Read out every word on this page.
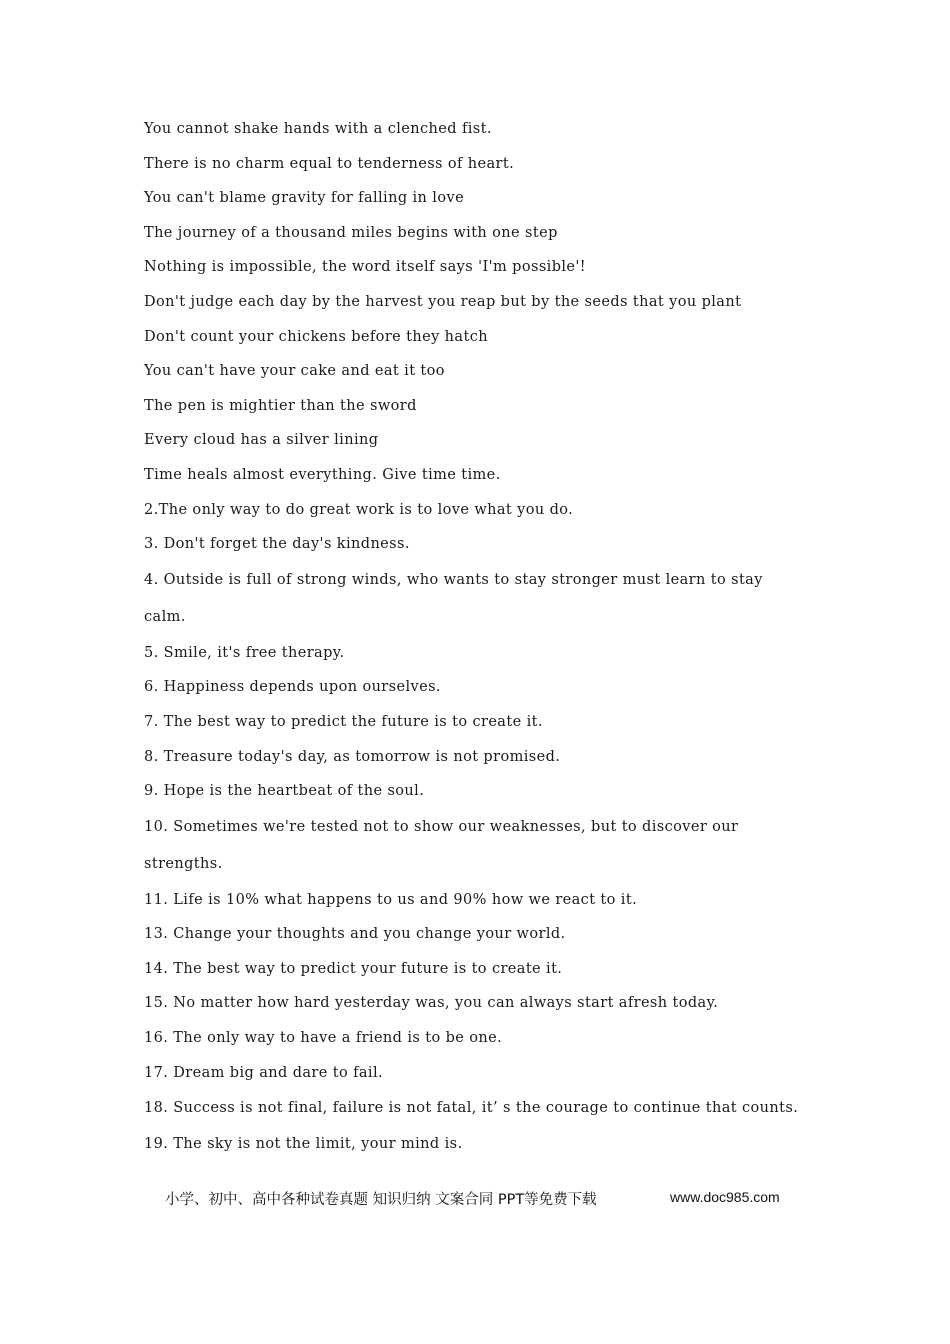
You cannot shake hands with a clenched fist.

There is no charm equal to tenderness of heart.

You can't blame gravity for falling in love

The journey of a thousand miles begins with one step

Nothing is impossible, the word itself says 'I'm possible'!

Don't judge each day by the harvest you reap but by the seeds that you plant

Don't count your chickens before they hatch

You can't have your cake and eat it too

The pen is mightier than the sword

Every cloud has a silver lining

Time heals almost everything. Give time time.

2.The only way to do great work is to love what you do.

3. Don't forget the day's kindness.

4. Outside is full of strong winds, who wants to stay stronger must learn to stay calm.

5. Smile, it's free therapy.

6. Happiness depends upon ourselves.

7. The best way to predict the future is to create it.

8. Treasure today's day, as tomorrow is not promised.

9. Hope is the heartbeat of the soul.

10. Sometimes we're tested not to show our weaknesses, but to discover our strengths.

11. Life is 10% what happens to us and 90% how we react to it.

13. Change your thoughts and you change your world.

14. The best way to predict your future is to create it.

15. No matter how hard yesterday was, you can always start afresh today.

16. The only way to have a friend is to be one.

17. Dream big and dare to fail.

18. Success is not final, failure is not fatal, it’ s the courage to continue that counts.

19. The sky is not the limit, your mind is.

小学、初中、高中各种试卷真题 知识归纳 文案合同 PPT等免费下载	www.doc985.com
